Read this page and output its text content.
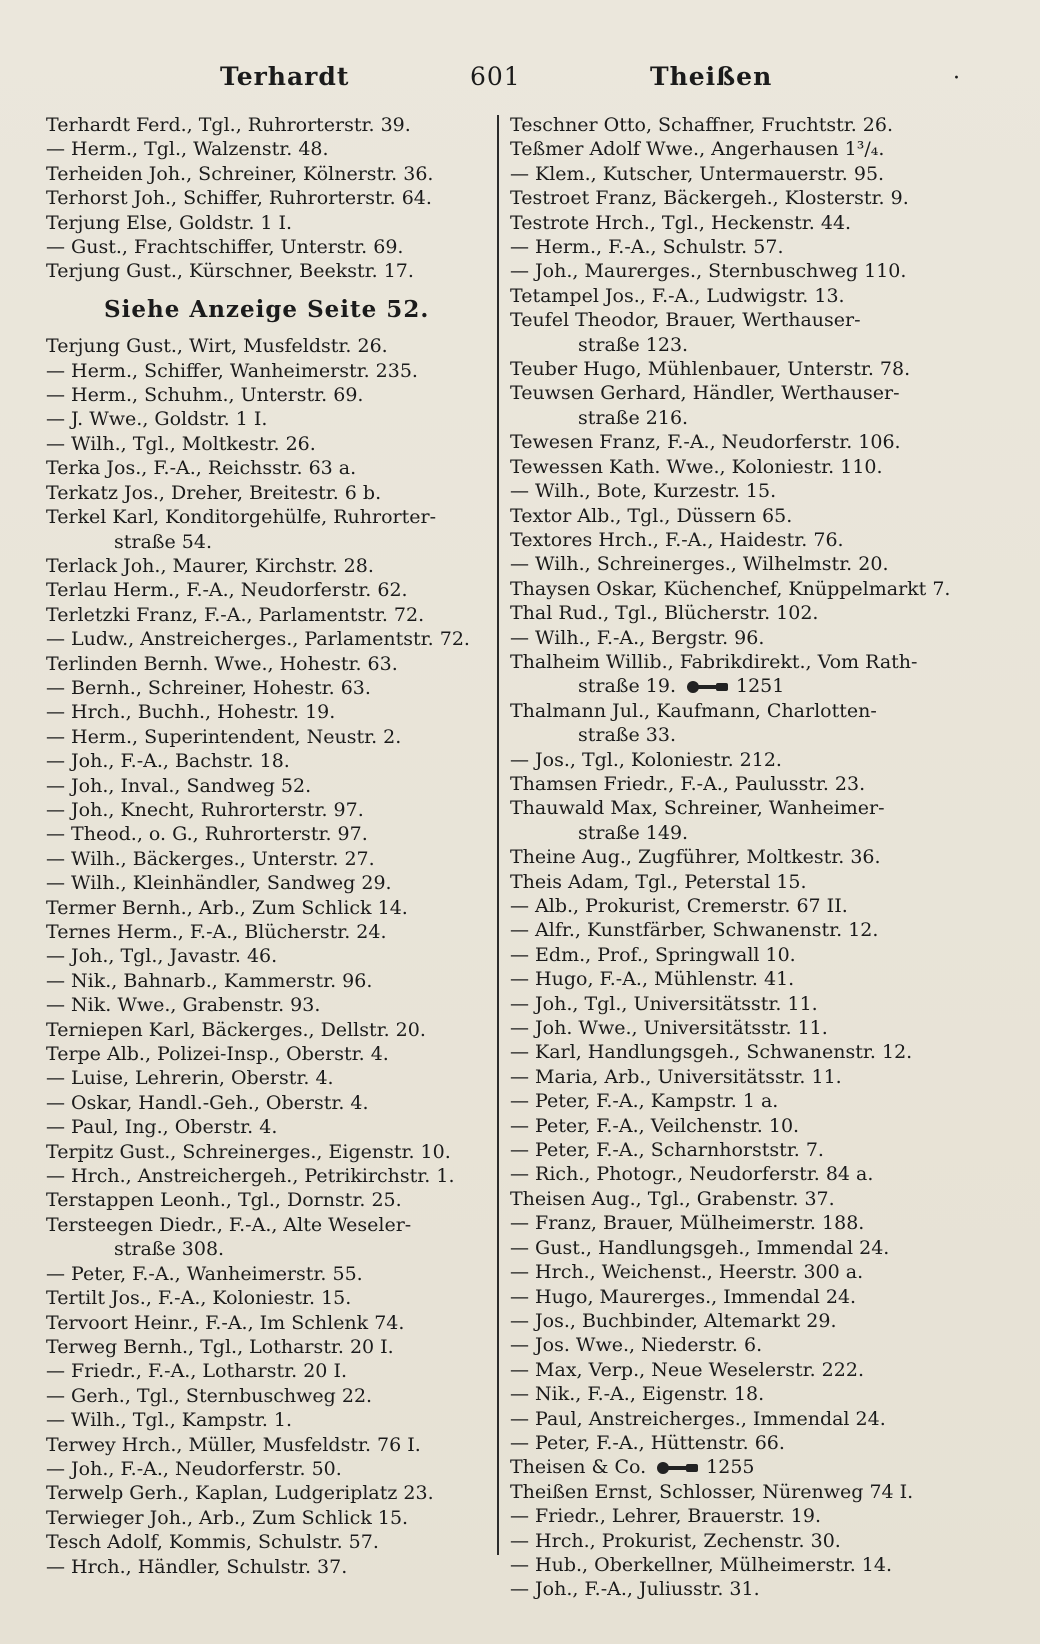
Terhardt	601	Theißen	·
Terhardt Ferd., Tgl., Ruhrorterstr. 39.
— Herm., Tgl., Walzenstr. 48.
Terheiden Joh., Schreiner, Kölnerstr. 36.
Terhorst Joh., Schiffer, Ruhrorterstr. 64.
Terjung Else, Goldstr. 1 I.
— Gust., Frachtschiffer, Unterstr. 69.
Terjung Gust., Kürschner, Beekstr. 17.
Siehe Anzeige Seite 52.
Terjung Gust., Wirt, Musfeldstr. 26.
— Herm., Schiffer, Wanheimerstr. 235.
— Herm., Schuhm., Unterstr. 69.
— J. Wwe., Goldstr. 1 I.
— Wilh., Tgl., Moltkestr. 26.
Terka Jos., F.-A., Reichsstr. 63 a.
Terkatz Jos., Dreher, Breitestr. 6 b.
Terkel Karl, Konditorgehülfe, Ruhrorter-
straße 54.
Terlack Joh., Maurer, Kirchstr. 28.
Terlau Herm., F.-A., Neudorferstr. 62.
Terletzki Franz, F.-A., Parlamentstr. 72.
— Ludw., Anstreicherges., Parlamentstr. 72.
Terlinden Bernh. Wwe., Hohestr. 63.
— Bernh., Schreiner, Hohestr. 63.
— Hrch., Buchh., Hohestr. 19.
— Herm., Superintendent, Neustr. 2.
— Joh., F.-A., Bachstr. 18.
— Joh., Inval., Sandweg 52.
— Joh., Knecht, Ruhrorterstr. 97.
— Theod., o. G., Ruhrorterstr. 97.
— Wilh., Bäckerges., Unterstr. 27.
— Wilh., Kleinhändler, Sandweg 29.
Termer Bernh., Arb., Zum Schlick 14.
Ternes Herm., F.-A., Blücherstr. 24.
— Joh., Tgl., Javastr. 46.
— Nik., Bahnarb., Kammerstr. 96.
— Nik. Wwe., Grabenstr. 93.
Terniepen Karl, Bäckerges., Dellstr. 20.
Terpe Alb., Polizei-Insp., Oberstr. 4.
— Luise, Lehrerin, Oberstr. 4.
— Oskar, Handl.-Geh., Oberstr. 4.
— Paul, Ing., Oberstr. 4.
Terpitz Gust., Schreinerges., Eigenstr. 10.
— Hrch., Anstreichergeh., Petrikirchstr. 1.
Terstappen Leonh., Tgl., Dornstr. 25.
Tersteegen Diedr., F.-A., Alte Weseler-
straße 308.
— Peter, F.-A., Wanheimerstr. 55.
Tertilt Jos., F.-A., Koloniestr. 15.
Tervoort Heinr., F.-A., Im Schlenk 74.
Terweg Bernh., Tgl., Lotharstr. 20 I.
— Friedr., F.-A., Lotharstr. 20 I.
— Gerh., Tgl., Sternbuschweg 22.
— Wilh., Tgl., Kampstr. 1.
Terwey Hrch., Müller, Musfeldstr. 76 I.
— Joh., F.-A., Neudorferstr. 50.
Terwelp Gerh., Kaplan, Ludgeriplatz 23.
Terwieger Joh., Arb., Zum Schlick 15.
Tesch Adolf, Kommis, Schulstr. 57.
— Hrch., Händler, Schulstr. 37.
Teschner Otto, Schaffner, Fruchtstr. 26.
Teßmer Adolf Wwe., Angerhausen 1³/₄.
— Klem., Kutscher, Untermauerstr. 95.
Testroet Franz, Bäckergeh., Klosterstr. 9.
Testrote Hrch., Tgl., Heckenstr. 44.
— Herm., F.-A., Schulstr. 57.
— Joh., Maurerges., Sternbuschweg 110.
Tetampel Jos., F.-A., Ludwigstr. 13.
Teufel Theodor, Brauer, Werthauser-
straße 123.
Teuber Hugo, Mühlenbauer, Unterstr. 78.
Teuwsen Gerhard, Händler, Werthauser-
straße 216.
Tewesen Franz, F.-A., Neudorferstr. 106.
Tewessen Kath. Wwe., Koloniestr. 110.
— Wilh., Bote, Kurzestr. 15.
Textor Alb., Tgl., Düssern 65.
Textores Hrch., F.-A., Haidestr. 76.
— Wilh., Schreinerges., Wilhelmstr. 20.
Thaysen Oskar, Küchenchef, Knüppelmarkt 7.
Thal Rud., Tgl., Blücherstr. 102.
— Wilh., F.-A., Bergstr. 96.
Thalheim Willib., Fabrikdirekt., Vom Rath-
straße 19.	1251
Thalmann Jul., Kaufmann, Charlotten-
straße 33.
— Jos., Tgl., Koloniestr. 212.
Thamsen Friedr., F.-A., Paulusstr. 23.
Thauwald Max, Schreiner, Wanheimer-
straße 149.
Theine Aug., Zugführer, Moltkestr. 36.
Theis Adam, Tgl., Peterstal 15.
— Alb., Prokurist, Cremerstr. 67 II.
— Alfr., Kunstfärber, Schwanenstr. 12.
— Edm., Prof., Springwall 10.
— Hugo, F.-A., Mühlenstr. 41.
— Joh., Tgl., Universitätsstr. 11.
— Joh. Wwe., Universitätsstr. 11.
— Karl, Handlungsgeh., Schwanenstr. 12.
— Maria, Arb., Universitätsstr. 11.
— Peter, F.-A., Kampstr. 1 a.
— Peter, F.-A., Veilchenstr. 10.
— Peter, F.-A., Scharnhorststr. 7.
— Rich., Photogr., Neudorferstr. 84 a.
Theisen Aug., Tgl., Grabenstr. 37.
— Franz, Brauer, Mülheimerstr. 188.
— Gust., Handlungsgeh., Immendal 24.
— Hrch., Weichenst., Heerstr. 300 a.
— Hugo, Maurerges., Immendal 24.
— Jos., Buchbinder, Altemarkt 29.
— Jos. Wwe., Niederstr. 6.
— Max, Verp., Neue Weselerstr. 222.
— Nik., F.-A., Eigenstr. 18.
— Paul, Anstreicherges., Immendal 24.
— Peter, F.-A., Hüttenstr. 66.
Theisen & Co.	1255
Theißen Ernst, Schlosser, Nürenweg 74 I.
— Friedr., Lehrer, Brauerstr. 19.
— Hrch., Prokurist, Zechenstr. 30.
— Hub., Oberkellner, Mülheimerstr. 14.
— Joh., F.-A., Juliusstr. 31.
